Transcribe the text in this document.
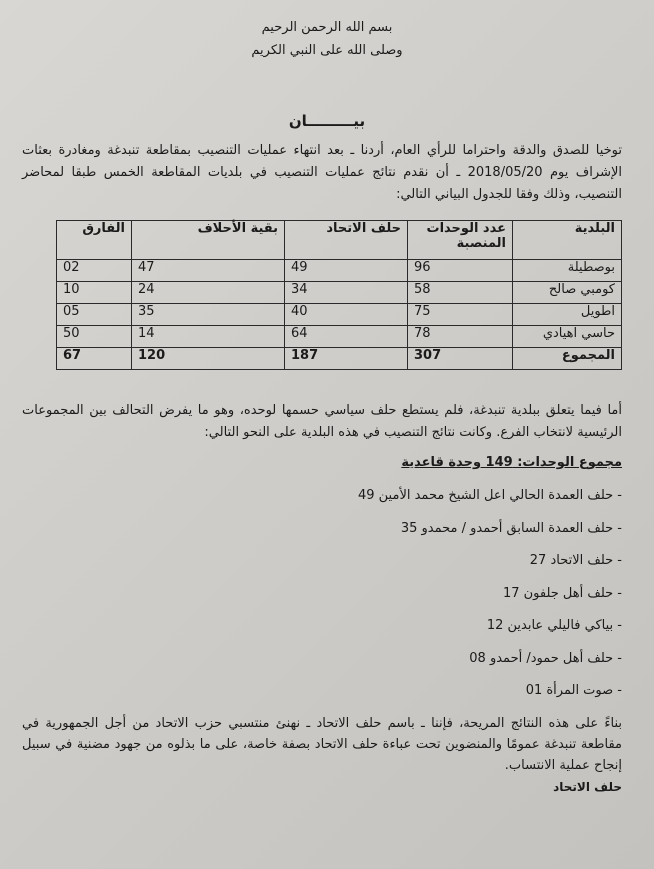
بسم الله الرحمن الرحيم
وصلى الله على النبي الكريم
بيـــــــــان
توخيا للصدق والدقة واحتراما للرأي العام، أردنا ـ بعد انتهاء عمليات التنصيب بمقاطعة تنبدغة ومغادرة بعثات الإشراف يوم 2018/05/20 ـ أن نقدم نتائج عمليات التنصيب في بلديات المقاطعة الخمس طبقا لمحاضر التنصيب، وذلك وفقا للجدول البياني التالي:
البلدية	عدد الوحدات المنصبة	حلف الاتحاد	بقية الأحلاف	الفارق
بوصطيلة	96	49	47	02
كومبي صالح	58	34	24	10
اطويل	75	40	35	05
حاسي اهيادي	78	64	14	50
المجموع	307	187	120	67
أما فيما يتعلق ببلدية تنبدغة، فلم يستطع حلف سياسي حسمها لوحده، وهو ما يفرض التحالف بين المجموعات الرئيسية لانتخاب الفرع. وكانت نتائج التنصيب في هذه البلدية على النحو التالي:
مجموع الوحدات: 149 وحدة قاعدية
- حلف العمدة الحالي اعل الشيخ محمد الأمين 49
- حلف العمدة السابق أحمدو / محمدو 35
- حلف الاتحاد 27
- حلف أهل جلفون 17
- بياكي فاليلي عابدين 12
- حلف أهل حمود/ أحمدو 08
- صوت المرأة 01
بناءً على هذه النتائج المريحة، فإننا ـ باسم حلف الاتحاد ـ نهنئ منتسبي حزب الاتحاد من أجل الجمهورية في مقاطعة تنبدغة عمومًا والمنضوين تحت عباءة حلف الاتحاد بصفة خاصة، على ما بذلوه من جهود مضنية في سبيل إنجاح عملية الانتساب.
حلف الاتحاد
